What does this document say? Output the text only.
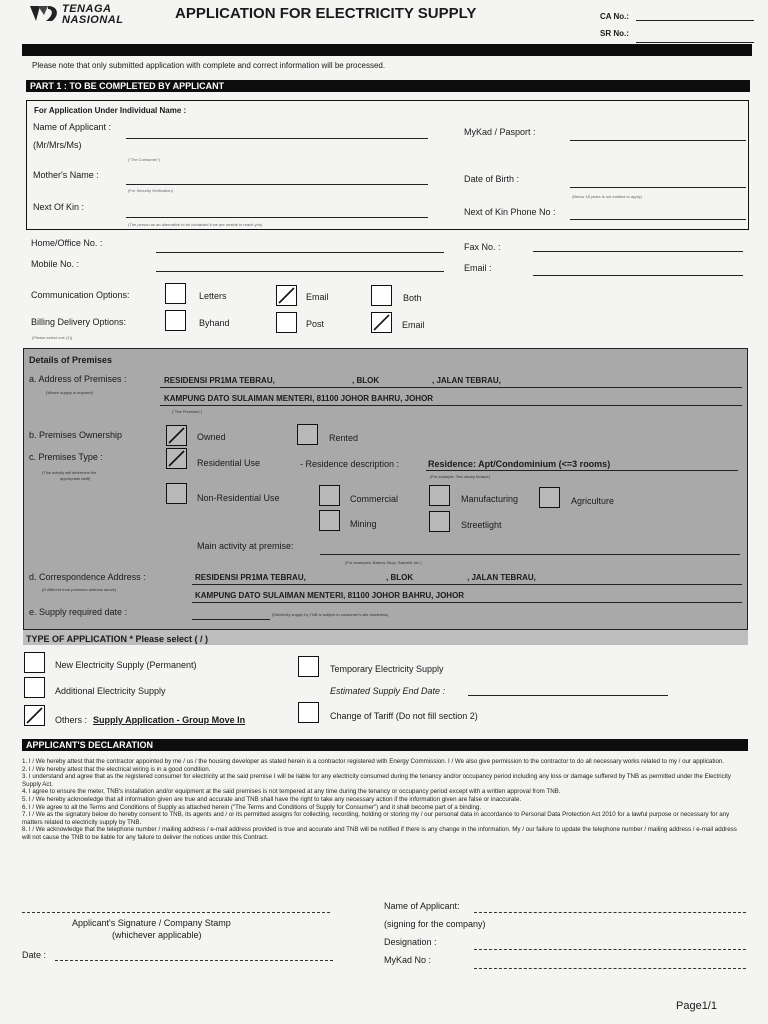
TENAGA
NASIONAL	APPLICATION FOR ELECTRICITY SUPPLY	CA No.:
SR No.:
Please note that only submitted application with complete and correct information will be processed.
PART 1 : TO BE COMPLETED BY APPLICANT
For Application Under Individual Name :
Name of Applicant :
(Mr/Mrs/Ms)
("The Consumer")
MyKad / Pasport :
Mother's Name :
(For Security Verification)
Date of Birth :
(Below 18 years is not entitled to apply)
Next Of Kin :
(The person as an alternative to be contacted if we are unable to reach you)
Next of Kin Phone No :
Home/Office No. :	Fax No. :
Mobile No. :	Email :
Communication Options:	Letters	Email	Both
Billing Delivery Options:
(Please select one (1))
Byhand	Post	Email
Details of Premises
a. Address of Premises :
(Where supply is required)
RESIDENSI PR1MA TEBRAU,	, BLOK	, JALAN TEBRAU,
KAMPUNG DATO SULAIMAN MENTERI, 81100 JOHOR BAHRU, JOHOR
("The Premises")
b. Premises Ownership	Owned	Rented
c. Premises Type :
(This activity will determine the
appropriate tariff)
Residential Use	- Residence description :	Residence: Apt/Condominium (<=3 rooms)
(For example: Two storey terrace)
Non-Residential Use	Commercial	Manufacturing	Agriculture
Mining	Streetlight
Main activity at premise:
(For examples: Bakery Shop, Sawmill, etc.)
d. Correspondence Address :
(If different from premises address above)
RESIDENSI PR1MA TEBRAU,	, BLOK	, JALAN TEBRAU,
KAMPUNG DATO SULAIMAN MENTERI, 81100 JOHOR BAHRU, JOHOR
e. Supply required date :	(Electricity supply by TNB is subject to consumer's site readiness)
TYPE OF APPLICATION * Please select ( / )
New Electricity Supply (Permanent)	Temporary Electricity Supply
Additional Electricity Supply	Estimated Supply End Date :
Others : Supply Application - Group Move In	Change of Tariff (Do not fill section 2)
APPLICANT'S DECLARATION

1. I / We hereby attest that the contractor appointed by me / us / the housing developer as stated herein is a contractor registered with Energy Commission. I / We also give permission to the contractor to do all necessary works related to my / our application.

2. I / We hereby attest that the electrical wiring is in a good condition.

3. I understand and agree that as the registered consumer for electricity at the said premise I will be liable for any electricity consumed during the tenancy and/or occupancy period including any loss or damage suffered by TNB as permitted under the Electricity Supply Act.

4. I agree to ensure the meter, TNB's installation and/or equipment at the said premises is not tempered at any time during the tenancy or occupancy period except with a written approval from TNB.

5. I / We hereby acknowledge that all information given are true and accurate and TNB shall have the right to take any necessary action if the information given are false or inaccurate.

6. I / We agree to all the Terms and Conditions of Supply as attached herein ("The Terms and Conditions of Supply for Consumer") and it shall become part of a binding.

7. I / We as the signatory below do hereby consent to TNB, its agents and / or its permitted assigns for collecting, recording, holding or storing my / our personal data in accordance to Personal Data Protection Act 2010 for a lawful purpose or necessary for any matters related to electricity supply by TNB.

8. I / We acknowledge that the telephone number / mailing address / e-mail address provided is true and accurate and TNB will be notified if there is any change in the information. My / our failure to update the telephone number / mailing address / e-mail address will not cause the TNB to be liable for any failure to deliver the notices under this Contract.

Applicant's Signature / Company Stamp
(whichever applicable)
Date :
Name of Applicant:
(signing for the company)
Designation :
MyKad No :
Page1/1
